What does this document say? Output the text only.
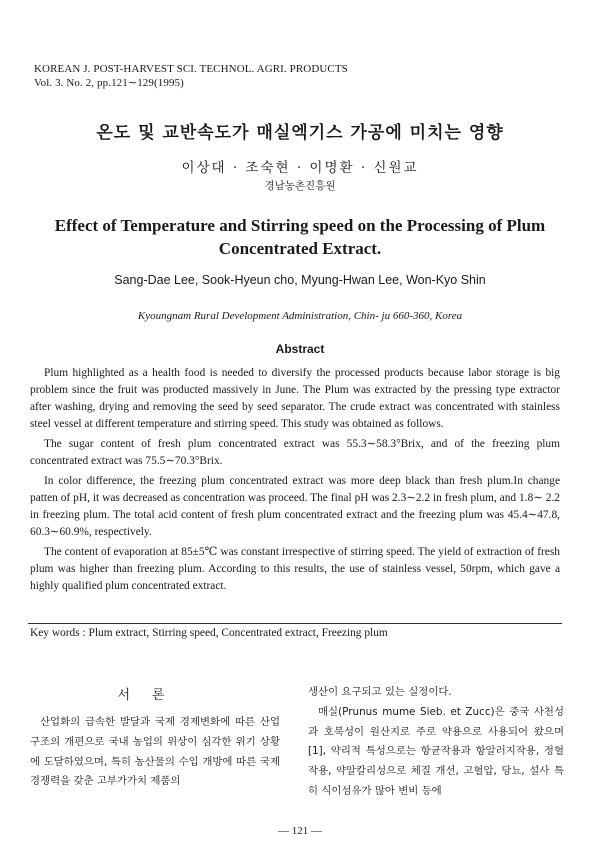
KOREAN J. POST-HARVEST SCI. TECHNOL. AGRI. PRODUCTS
Vol. 3. No. 2, pp.121∼129(1995)
온도 및 교반속도가 매실엑기스 가공에 미치는 영향
이상대 · 조숙현 · 이명환 · 신원교
경남농촌진흥원
Effect of Temperature and Stirring speed on the Processing of Plum Concentrated Extract.
Sang-Dae Lee, Sook-Hyeun cho, Myung-Hwan Lee, Won-Kyo Shin
Kyoungnam Rural Development Administration, Chin- ju 660-360, Korea
Abstract

Plum highlighted as a health food is needed to diversify the processed products because labor storage is big problem since the fruit was producted massively in June. The Plum was extracted by the pressing type extractor after washing, drying and removing the seed by seed separator. The crude extract was concentrated with stainless steel vessel at different temperature and stirring speed. This study was obtained as follows.

The sugar content of fresh plum concentrated extract was 55.3∼58.3°Brix, and of the freezing plum concentrated extract was 75.5∼70.3°Brix.

In color difference, the freezing plum concentrated extract was more deep black than fresh plum.In change patten of pH, it was decreased as concentration was proceed. The final pH was 2.3∼2.2 in fresh plum, and 1.8∼ 2.2 in freezing plum. The total acid content of fresh plum concentrated extract and the freezing plum was 45.4∼47.8, 60.3∼60.9%, respectively.

The content of evaporation at 85±5℃ was constant irrespective of stirring speed. The yield of extraction of fresh plum was higher than freezing plum. According to this results, the use of stainless vessel, 50rpm, which gave a highly qualified plum concentrated extract.

Key words : Plum extract, Stirring speed, Concentrated extract, Freezing plum
서론

산업화의 급속한 발달과 국제 경제변화에 따른 산업구조의 개편으로 국내 농업의 위상이 심각한 위기 상황에 도달하였으며, 특히 농산물의 수입 개방에 따른 국제 경쟁력을 갖춘 고부가가치 제품의

생산이 요구되고 있는 실정이다.

매실(Prunus mume Sieb. et Zucc)은 중국 사천성과 호북성이 원산지로 주로 약용으로 사용되어 왔으며[1], 약리적 특성으로는 항균작용과 항알러지작용, 정혈작용, 약알칼리성으로 체질 개선, 고혈압, 당뇨, 설사 특히 식이섬유가 많아 변비 등에

— 121 —
